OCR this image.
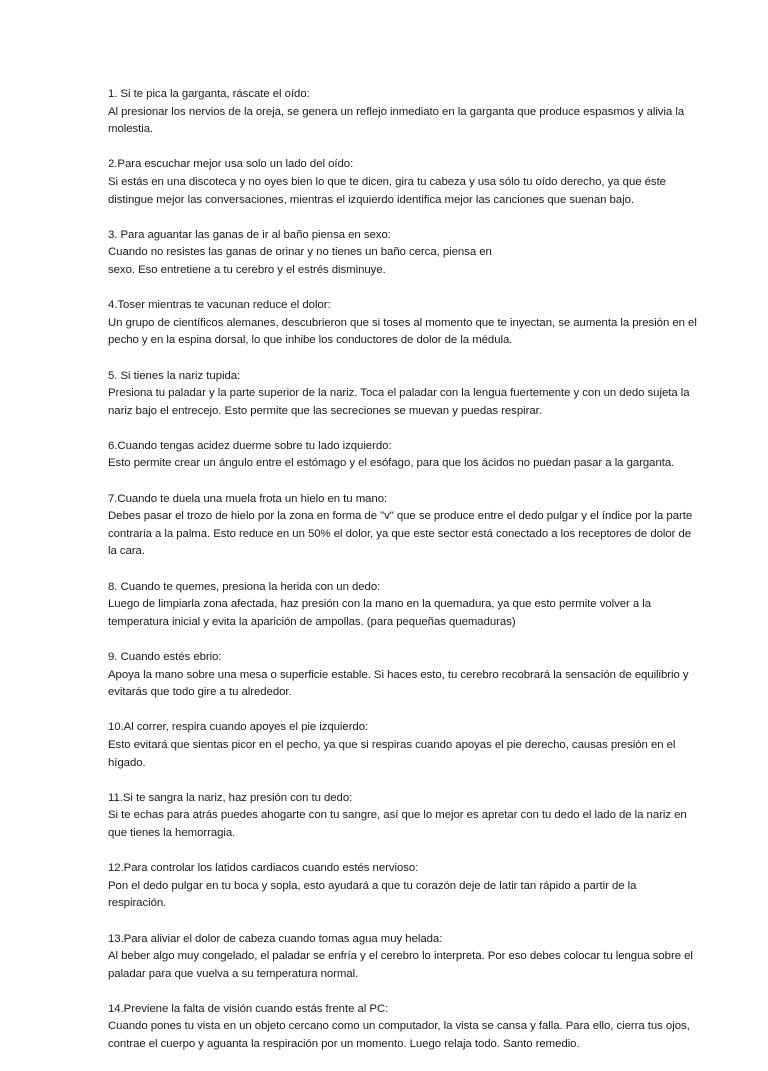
1. Si te pica la garganta, ráscate el oído:
Al presionar los nervios de la oreja, se genera un reflejo inmediato en la garganta que produce espasmos y alivia la
molestia.
2.Para escuchar mejor usa solo un lado del oído:
Si estás en una discoteca y no oyes bien lo que te dicen, gira tu cabeza y usa sólo tu oído derecho, ya que éste
distingue mejor las conversaciones, mientras el izquierdo identifica mejor las canciones que suenan bajo.
3. Para aguantar las ganas de ir al baño piensa en sexo:
Cuando no resistes las ganas de orinar y no tienes un baño cerca, piensa en
sexo. Eso entretiene a tu cerebro y el estrés disminuye.
4.Toser mientras te vacunan reduce el dolor:
Un grupo de científicos alemanes, descubrieron que si toses al momento que te inyectan, se aumenta la presión en el
pecho y en la espina dorsal, lo que inhibe los conductores de dolor de la médula.
5. Si tienes la nariz tupida:
Presiona tu paladar y la parte superior de la nariz. Toca el paladar con la lengua fuertemente y con un dedo sujeta la
nariz bajo el entrecejo. Esto permite que las secreciones se muevan y puedas respirar.
6.Cuando tengas acidez duerme sobre tu lado izquierdo:
Esto permite crear un ángulo entre el estómago y el esófago, para que los ácidos no puedan pasar a la garganta.
7.Cuando te duela una muela frota un hielo en tu mano:
Debes pasar el trozo de hielo por la zona en forma de "v" que se produce entre el dedo pulgar y el índice por la parte
contraria a la palma. Esto reduce en un 50% el dolor, ya que este sector está conectado a los receptores de dolor de
la cara.
8. Cuando te quemes, presiona la herida con un dedo:
Luego de limpiarla zona afectada, haz presión con la mano en la quemadura, ya que esto permite volver a la
temperatura inicial y evita la aparición de ampollas. (para pequeñas quemaduras)
9. Cuando estés ebrio:
Apoya la mano sobre una mesa o superficie estable. Si haces esto, tu cerebro recobrará la sensación de equilibrio y
evitarás que todo gire a tu alrededor.
10.Al correr, respira cuando apoyes el pie izquierdo:
Esto evitará que sientas picor en el pecho, ya que si respiras cuando apoyas el pie derecho, causas presión en el
hígado.
11.Si te sangra la nariz, haz presión con tu dedo:
Si te echas para atrás puedes ahogarte con tu sangre, así que lo mejor es apretar con tu dedo el lado de la nariz en
que tienes la hemorragia.
12.Para controlar los latidos cardiacos cuando estés nervioso:
Pon el dedo pulgar en tu boca y sopla, esto ayudará a que tu corazón deje de latir tan rápido a partir de la
respiración.
13.Para aliviar el dolor de cabeza cuando tomas agua muy helada:
Al beber algo muy congelado, el paladar se enfría y el cerebro lo interpreta. Por eso debes colocar tu lengua sobre el
paladar para que vuelva a su temperatura normal.
14.Previene la falta de visión cuando estás frente al PC:
Cuando pones tu vista en un objeto cercano como un computador, la vista se cansa y falla. Para ello, cierra tus ojos,
contrae el cuerpo y aguanta la respiración por un momento. Luego relaja todo. Santo remedio.
